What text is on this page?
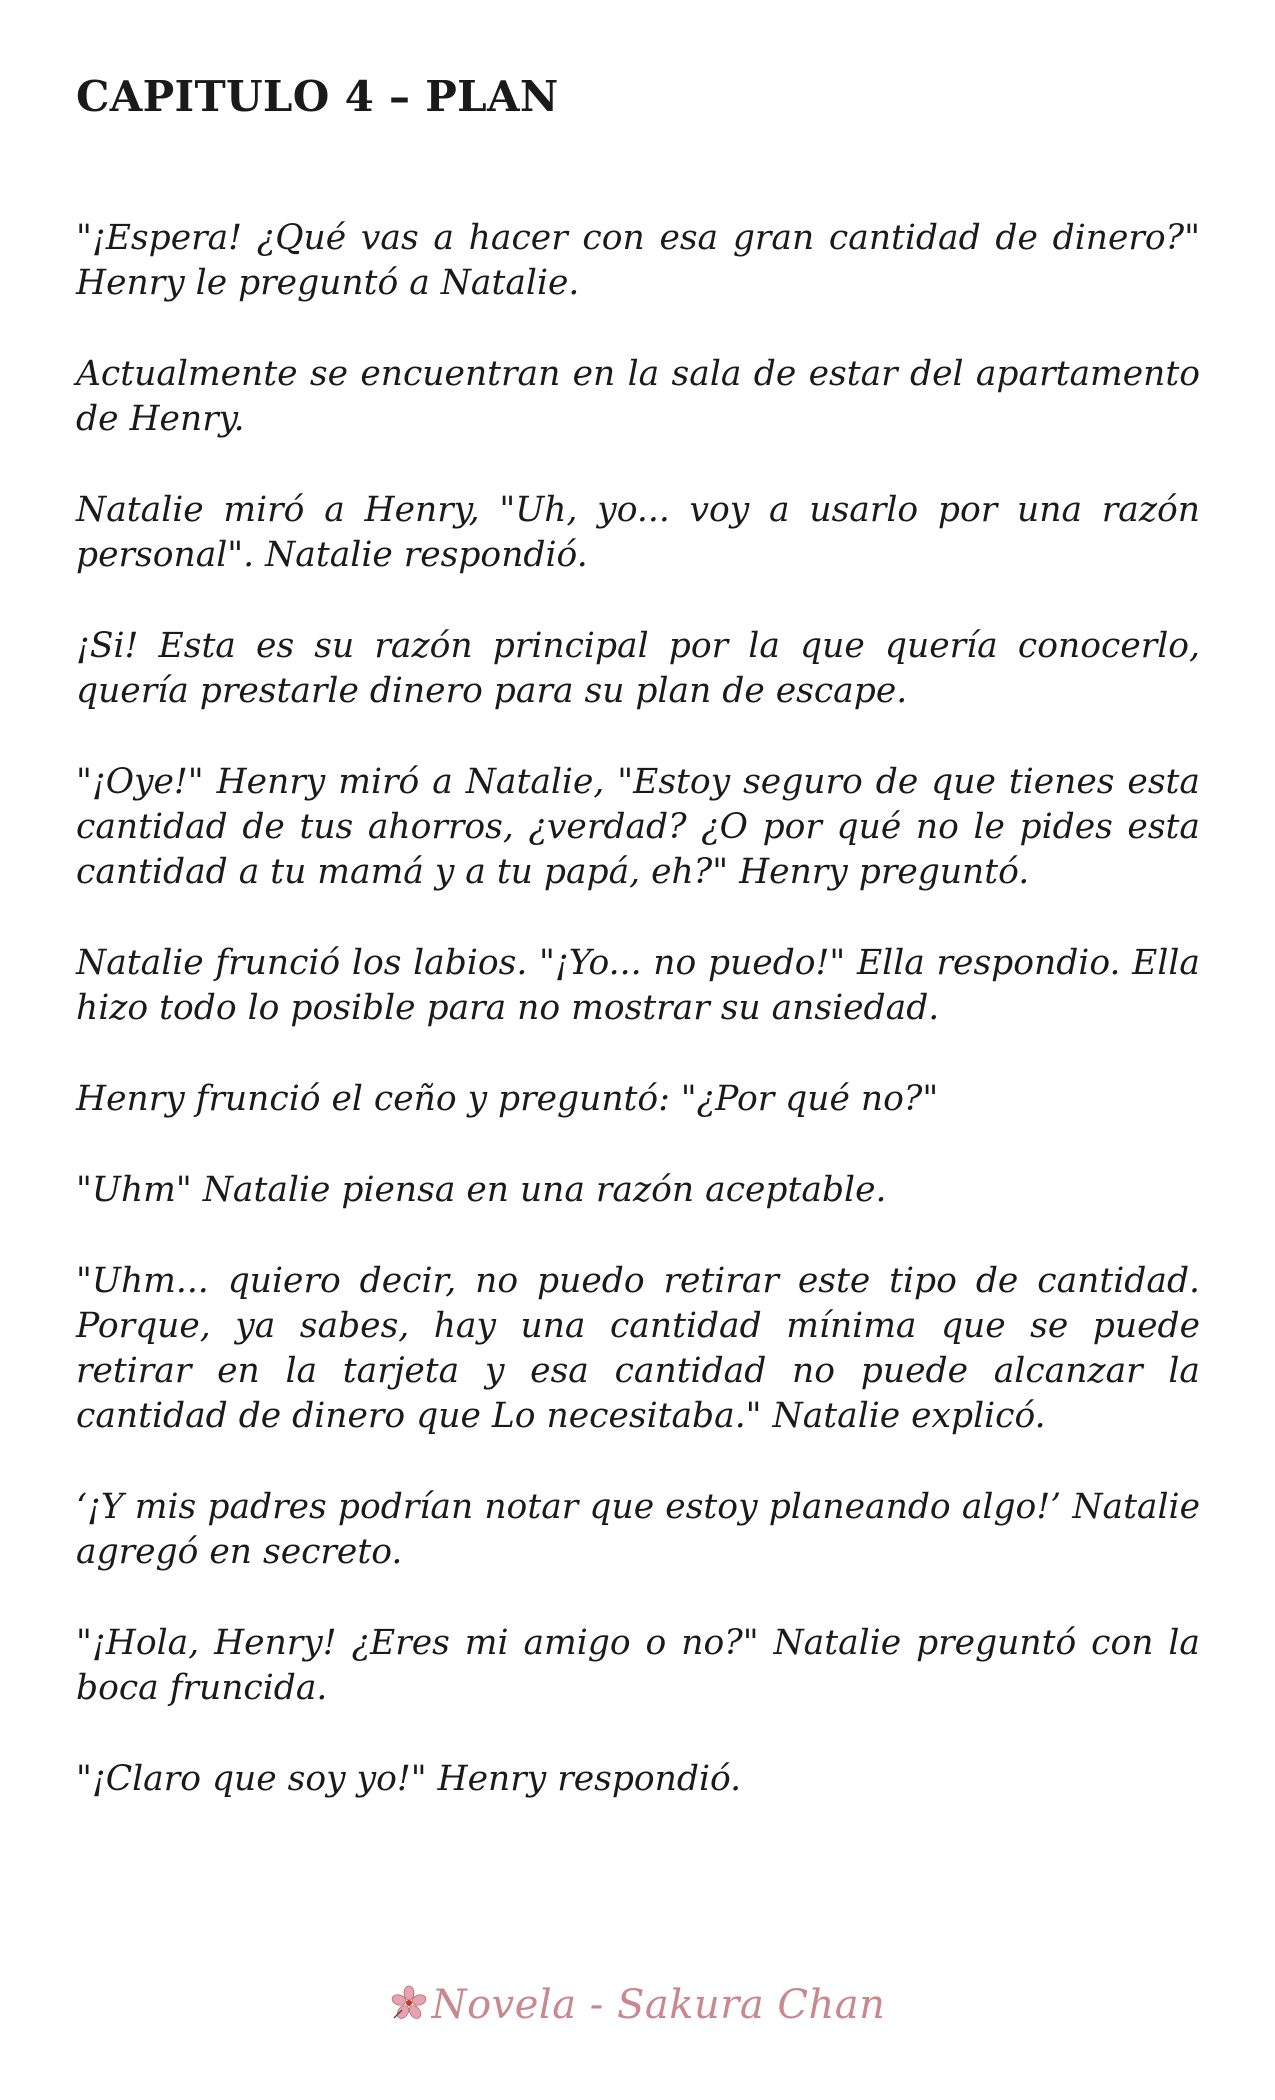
CAPITULO 4 – PLAN

"¡Espera! ¿Qué vas a hacer con esa gran cantidad de dinero?" Henry le preguntó a Natalie.

Actualmente se encuentran en la sala de estar del apartamento de Henry.

Natalie miró a Henry, "Uh, yo... voy a usarlo por una razón personal". Natalie respondió.

¡Si! Esta es su razón principal por la que quería conocerlo, quería prestarle dinero para su plan de escape.

"¡Oye!" Henry miró a Natalie, "Estoy seguro de que tienes esta cantidad de tus ahorros, ¿verdad? ¿O por qué no le pides esta cantidad a tu mamá y a tu papá, eh?" Henry preguntó.

Natalie frunció los labios. "¡Yo... no puedo!" Ella respondio. Ella hizo todo lo posible para no mostrar su ansiedad.

Henry frunció el ceño y preguntó: "¿Por qué no?"

"Uhm" Natalie piensa en una razón aceptable.

"Uhm... quiero decir, no puedo retirar este tipo de cantidad. Porque, ya sabes, hay una cantidad mínima que se puede retirar en la tarjeta y esa cantidad no puede alcanzar la cantidad de dinero que Lo necesitaba." Natalie explicó.

‘¡Y mis padres podrían notar que estoy planeando algo!’ Natalie agregó en secreto.

"¡Hola, Henry! ¿Eres mi amigo o no?" Natalie preguntó con la boca fruncida.

"¡Claro que soy yo!" Henry respondió.

Novela - Sakura Chan
